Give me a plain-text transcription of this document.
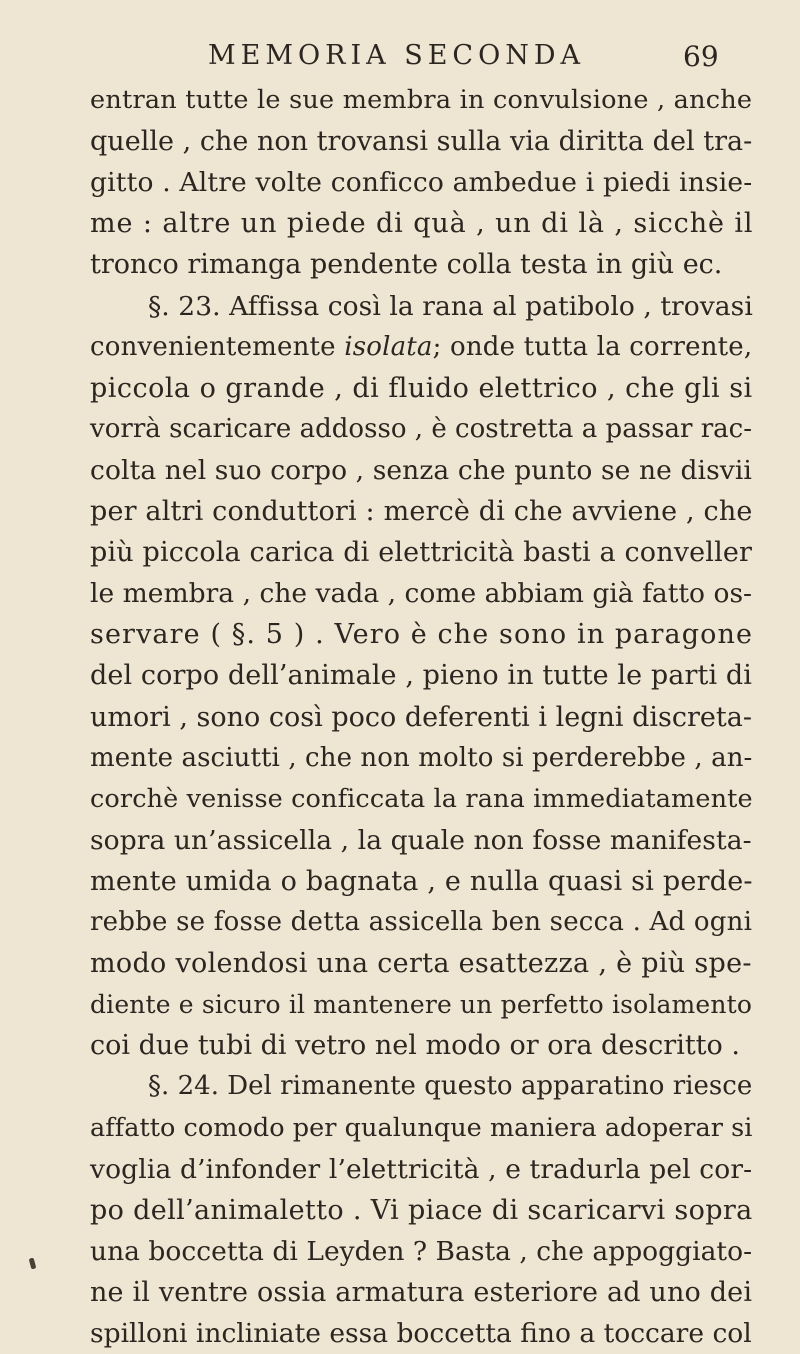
MEMORIA SECONDA	69
entran tutte le sue membra in convulsione , anche
quelle , che non trovansi sulla via diritta del tra-
gitto . Altre volte conficco ambedue i piedi insie-
me : altre un piede di quà , un di là , sicchè il
tronco rimanga pendente colla testa in giù ec.
§. 23. Affissa così la rana al patibolo , trovasi
convenientemente isolata; onde tutta la corrente,
piccola o grande , di fluido elettrico , che gli si
vorrà scaricare addosso , è costretta a passar rac-
colta nel suo corpo , senza che punto se ne disvii
per altri conduttori : mercè di che avviene , che
più piccola carica di elettricità basti a conveller
le membra , che vada , come abbiam già fatto os-
servare ( §. 5 ) . Vero è che sono in paragone
del corpo dell’animale , pieno in tutte le parti di
umori , sono così poco deferenti i legni discreta-
mente asciutti , che non molto si perderebbe , an-
corchè venisse conficcata la rana immediatamente
sopra un’assicella , la quale non fosse manifesta-
mente umida o bagnata , e nulla quasi si perde-
rebbe se fosse detta assicella ben secca . Ad ogni
modo volendosi una certa esattezza , è più spe-
diente e sicuro il mantenere un perfetto isolamento
coi due tubi di vetro nel modo or ora descritto .
§. 24. Del rimanente questo apparatino riesce
affatto comodo per qualunque maniera adoperar si
voglia d’infonder l’elettricità , e tradurla pel cor-
po dell’animaletto . Vi piace di scaricarvi sopra
una boccetta di Leyden ? Basta , che appoggiato-
ne il ventre ossia armatura esteriore ad uno dei
spilloni incliniate essa boccetta fino a toccare col
